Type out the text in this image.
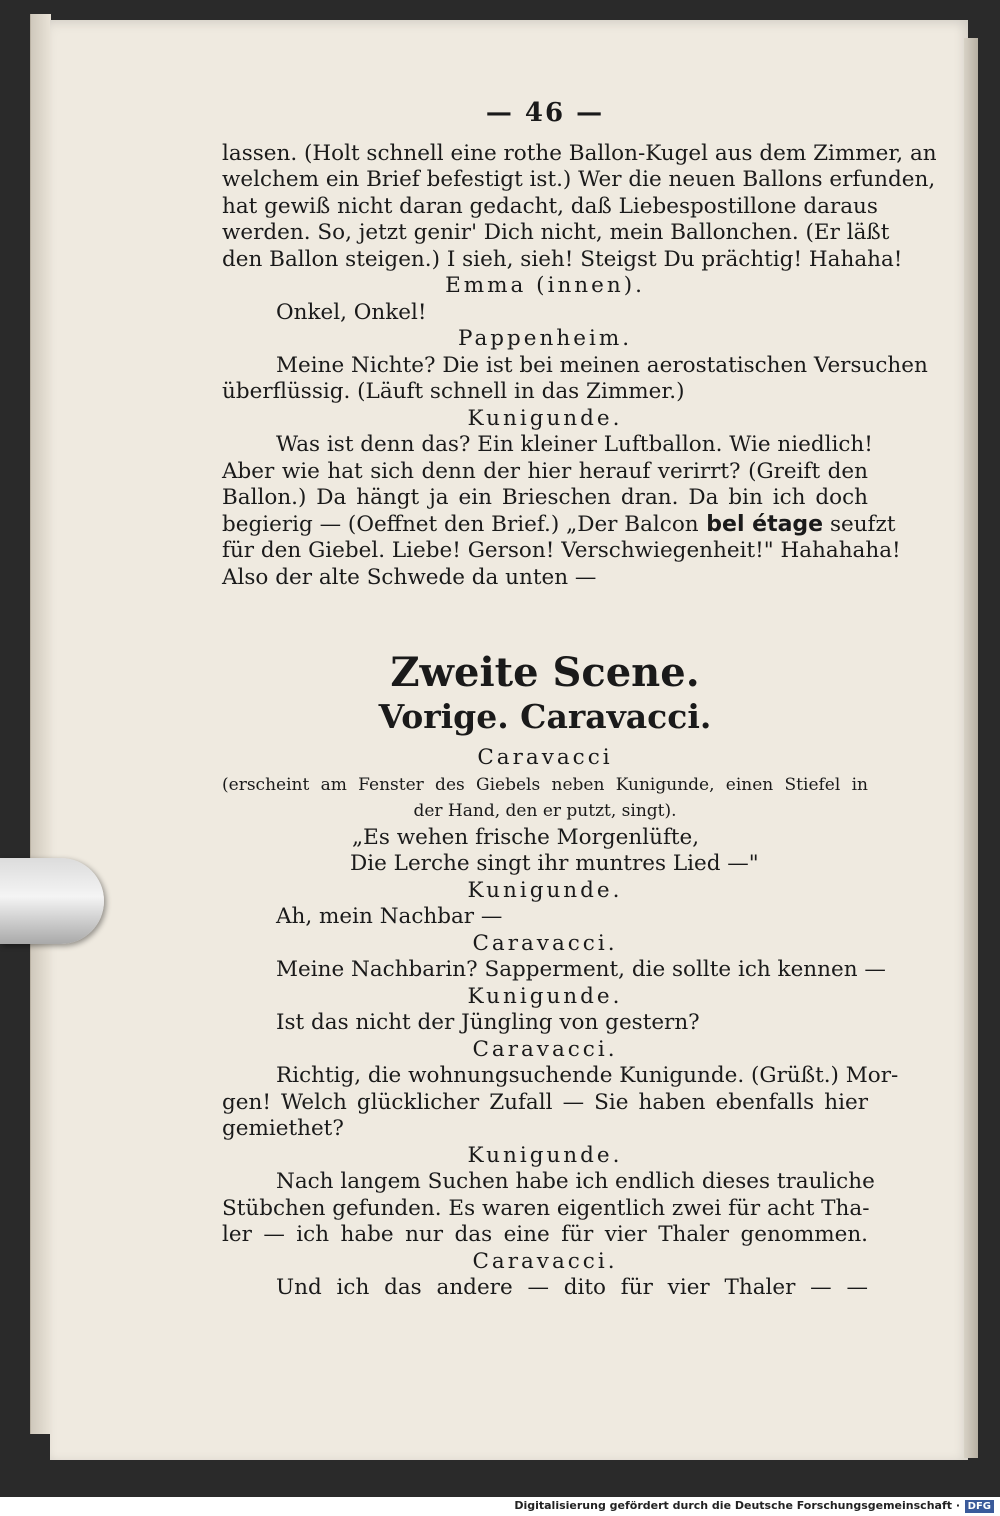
— 46 —
lassen. (Holt schnell eine rothe Ballon-Kugel aus dem Zimmer, an
welchem ein Brief befestigt ist.) Wer die neuen Ballons erfunden,
hat gewiß nicht daran gedacht, daß Liebespostillone daraus
werden. So, jetzt genir' Dich nicht, mein Ballonchen. (Er läßt
den Ballon steigen.) I sieh, sieh! Steigst Du prächtig! Hahaha!
Emma (innen).
Onkel, Onkel!
Pappenheim.
Meine Nichte? Die ist bei meinen aerostatischen Versuchen
überflüssig. (Läuft schnell in das Zimmer.)
Kunigunde.
Was ist denn das? Ein kleiner Luftballon. Wie niedlich!
Aber wie hat sich denn der hier herauf verirrt? (Greift den
Ballon.) Da hängt ja ein Brieschen dran. Da bin ich doch
begierig — (Oeffnet den Brief.) „Der Balcon bel étage seufzt
für den Giebel. Liebe! Gerson! Verschwiegenheit!" Hahahaha!
Also der alte Schwede da unten —
Zweite Scene.
Vorige. Caravacci.
Caravacci
(erscheint am Fenster des Giebels neben Kunigunde, einen Stiefel in
der Hand, den er putzt, singt).
„Es wehen frische Morgenlüfte,
Die Lerche singt ihr muntres Lied —"
Kunigunde.
Ah, mein Nachbar —
Caravacci.
Meine Nachbarin? Sapperment, die sollte ich kennen —
Kunigunde.
Ist das nicht der Jüngling von gestern?
Caravacci.
Richtig, die wohnungsuchende Kunigunde. (Grüßt.) Mor-
gen! Welch glücklicher Zufall — Sie haben ebenfalls hier
gemiethet?
Kunigunde.
Nach langem Suchen habe ich endlich dieses trauliche
Stübchen gefunden. Es waren eigentlich zwei für acht Tha-
ler — ich habe nur das eine für vier Thaler genommen.
Caravacci.
Und ich das andere — dito für vier Thaler — —
Digitalisierung gefördert durch die Deutsche Forschungsgemeinschaft · DFG
